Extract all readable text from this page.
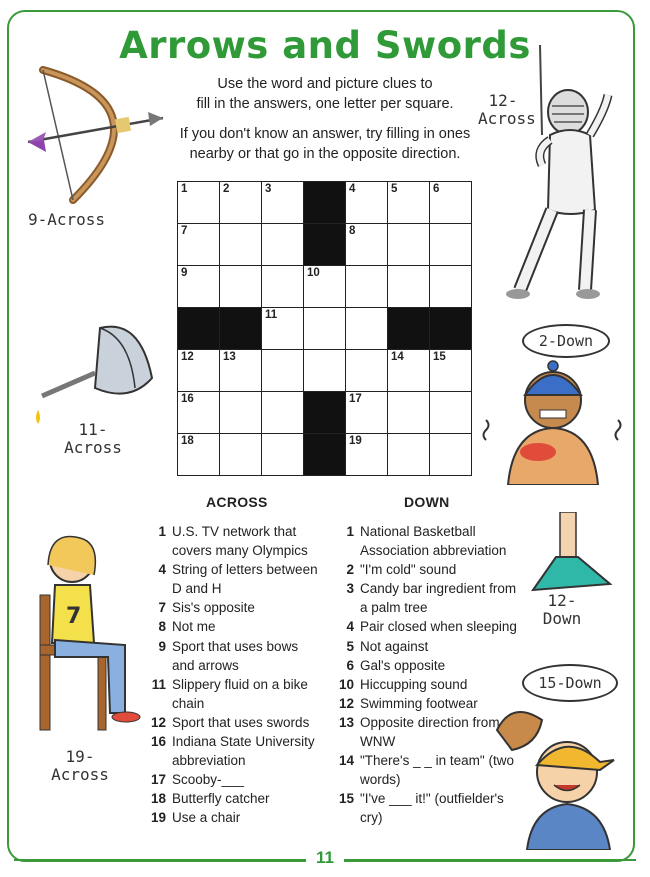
Arrows and Swords
Use the word and picture clues to
fill in the answers, one letter per square.
If you don't know an answer, try filling in ones
nearby or that go in the opposite direction.
1	2	3		4	5	6

7				8		

9			10			

		11				

12	13				14	15

16				17		

18				19		

ACROSS	DOWN
1 U.S. TV network that covers many Olympics
4 String of letters between D and H
7 Sis's opposite
8 Not me
9 Sport that uses bows and arrows
11 Slippery fluid on a bike chain
12 Sport that uses swords
16 Indiana State University abbreviation
17 Scooby-___
18 Butterfly catcher
19 Use a chair
1 National Basketball Association abbreviation
2 "I'm cold" sound
3 Candy bar ingredient from a palm tree
4 Pair closed when sleeping
5 Not against
6 Gal's opposite
10 Hiccupping sound
12 Swimming footwear
13 Opposite direction from WNW
14 "There's _ _ in team" (two words)
15 "I've ___ it!" (outfielder's cry)
9-Across
12-
Across
11-
Across
2-Down
12-
Down
15-Down
7
19-
Across
11
